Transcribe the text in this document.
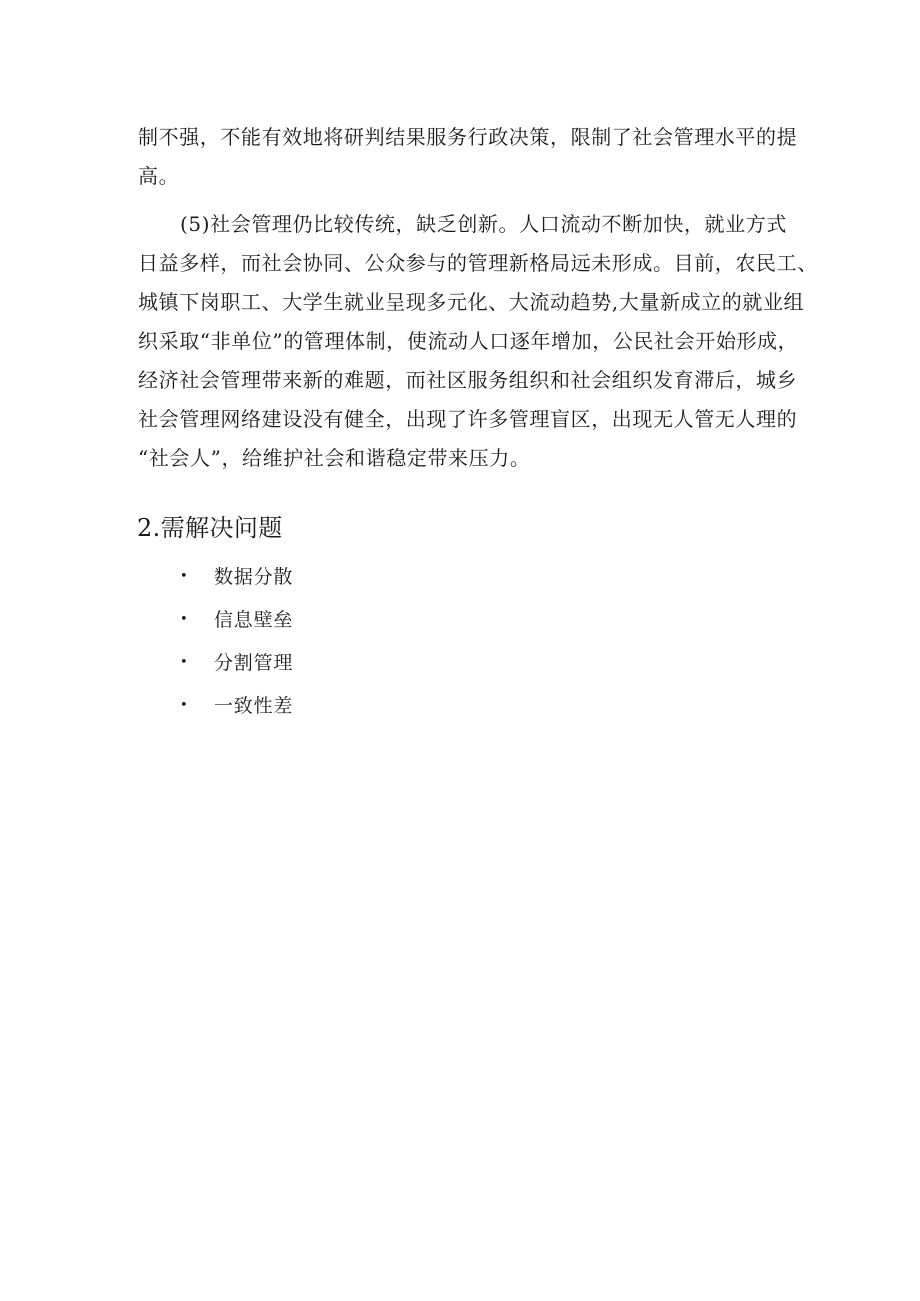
制不强，不能有效地将研判结果服务行政决策，限制了社会管理水平的提
高。

(5)社会管理仍比较传统，缺乏创新。人口流动不断加快，就业方式
日益多样，而社会协同、公众参与的管理新格局远未形成。目前，农民工、
城镇下岗职工、大学生就业呈现多元化、大流动趋势,大量新成立的就业组
织采取“非单位”的管理体制，使流动人口逐年增加，公民社会开始形成，
经济社会管理带来新的难题，而社区服务组织和社会组织发育滞后，城乡
社会管理网络建设没有健全，出现了许多管理盲区，出现无人管无人理的
“社会人”，给维护社会和谐稳定带来压力。

2.需解决问题
•	数据分散
•	信息壁垒
•	分割管理
•	一致性差
